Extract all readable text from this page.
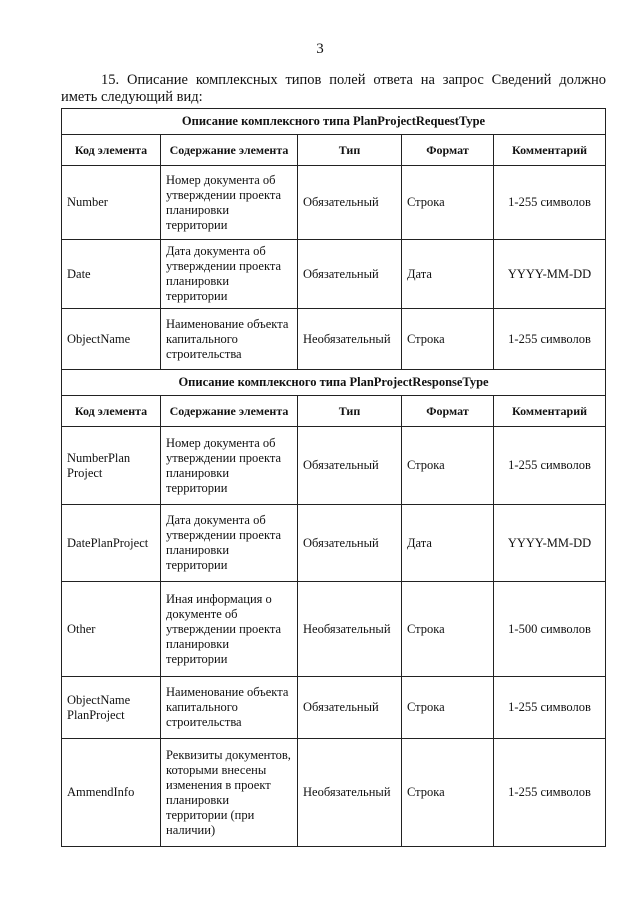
3
15. Описание комплексных типов полей ответа на запрос Сведений должно
иметь следующий вид:
Описание комплексного типа PlanProjectRequestType				
Код элемента	Содержание элемента	Тип	Формат	Комментарий
Number	Номер документа об утверждении проекта планировки территории	Обязательный	Строка	1-255 символов
Date	Дата документа об утверждении проекта планировки территории	Обязательный	Дата	YYYY-MM-DD
ObjectName	Наименование объекта капитального строительства	Необязательный	Строка	1-255 символов
Описание комплексного типа PlanProjectResponseType				
Код элемента	Содержание элемента	Тип	Формат	Комментарий
NumberPlan Project	Номер документа об утверждении проекта планировки территории	Обязательный	Строка	1-255 символов
DatePlanProject	Дата документа об утверждении проекта планировки территории	Обязательный	Дата	YYYY-MM-DD
Other	Иная информация о документе об утверждении проекта планировки территории	Необязательный	Строка	1-500 символов
ObjectName PlanProject	Наименование объекта капитального строительства	Обязательный	Строка	1-255 символов
AmmendInfo	Реквизиты документов, которыми внесены изменения в проект планировки территории (при наличии)	Необязательный	Строка	1-255 символов
